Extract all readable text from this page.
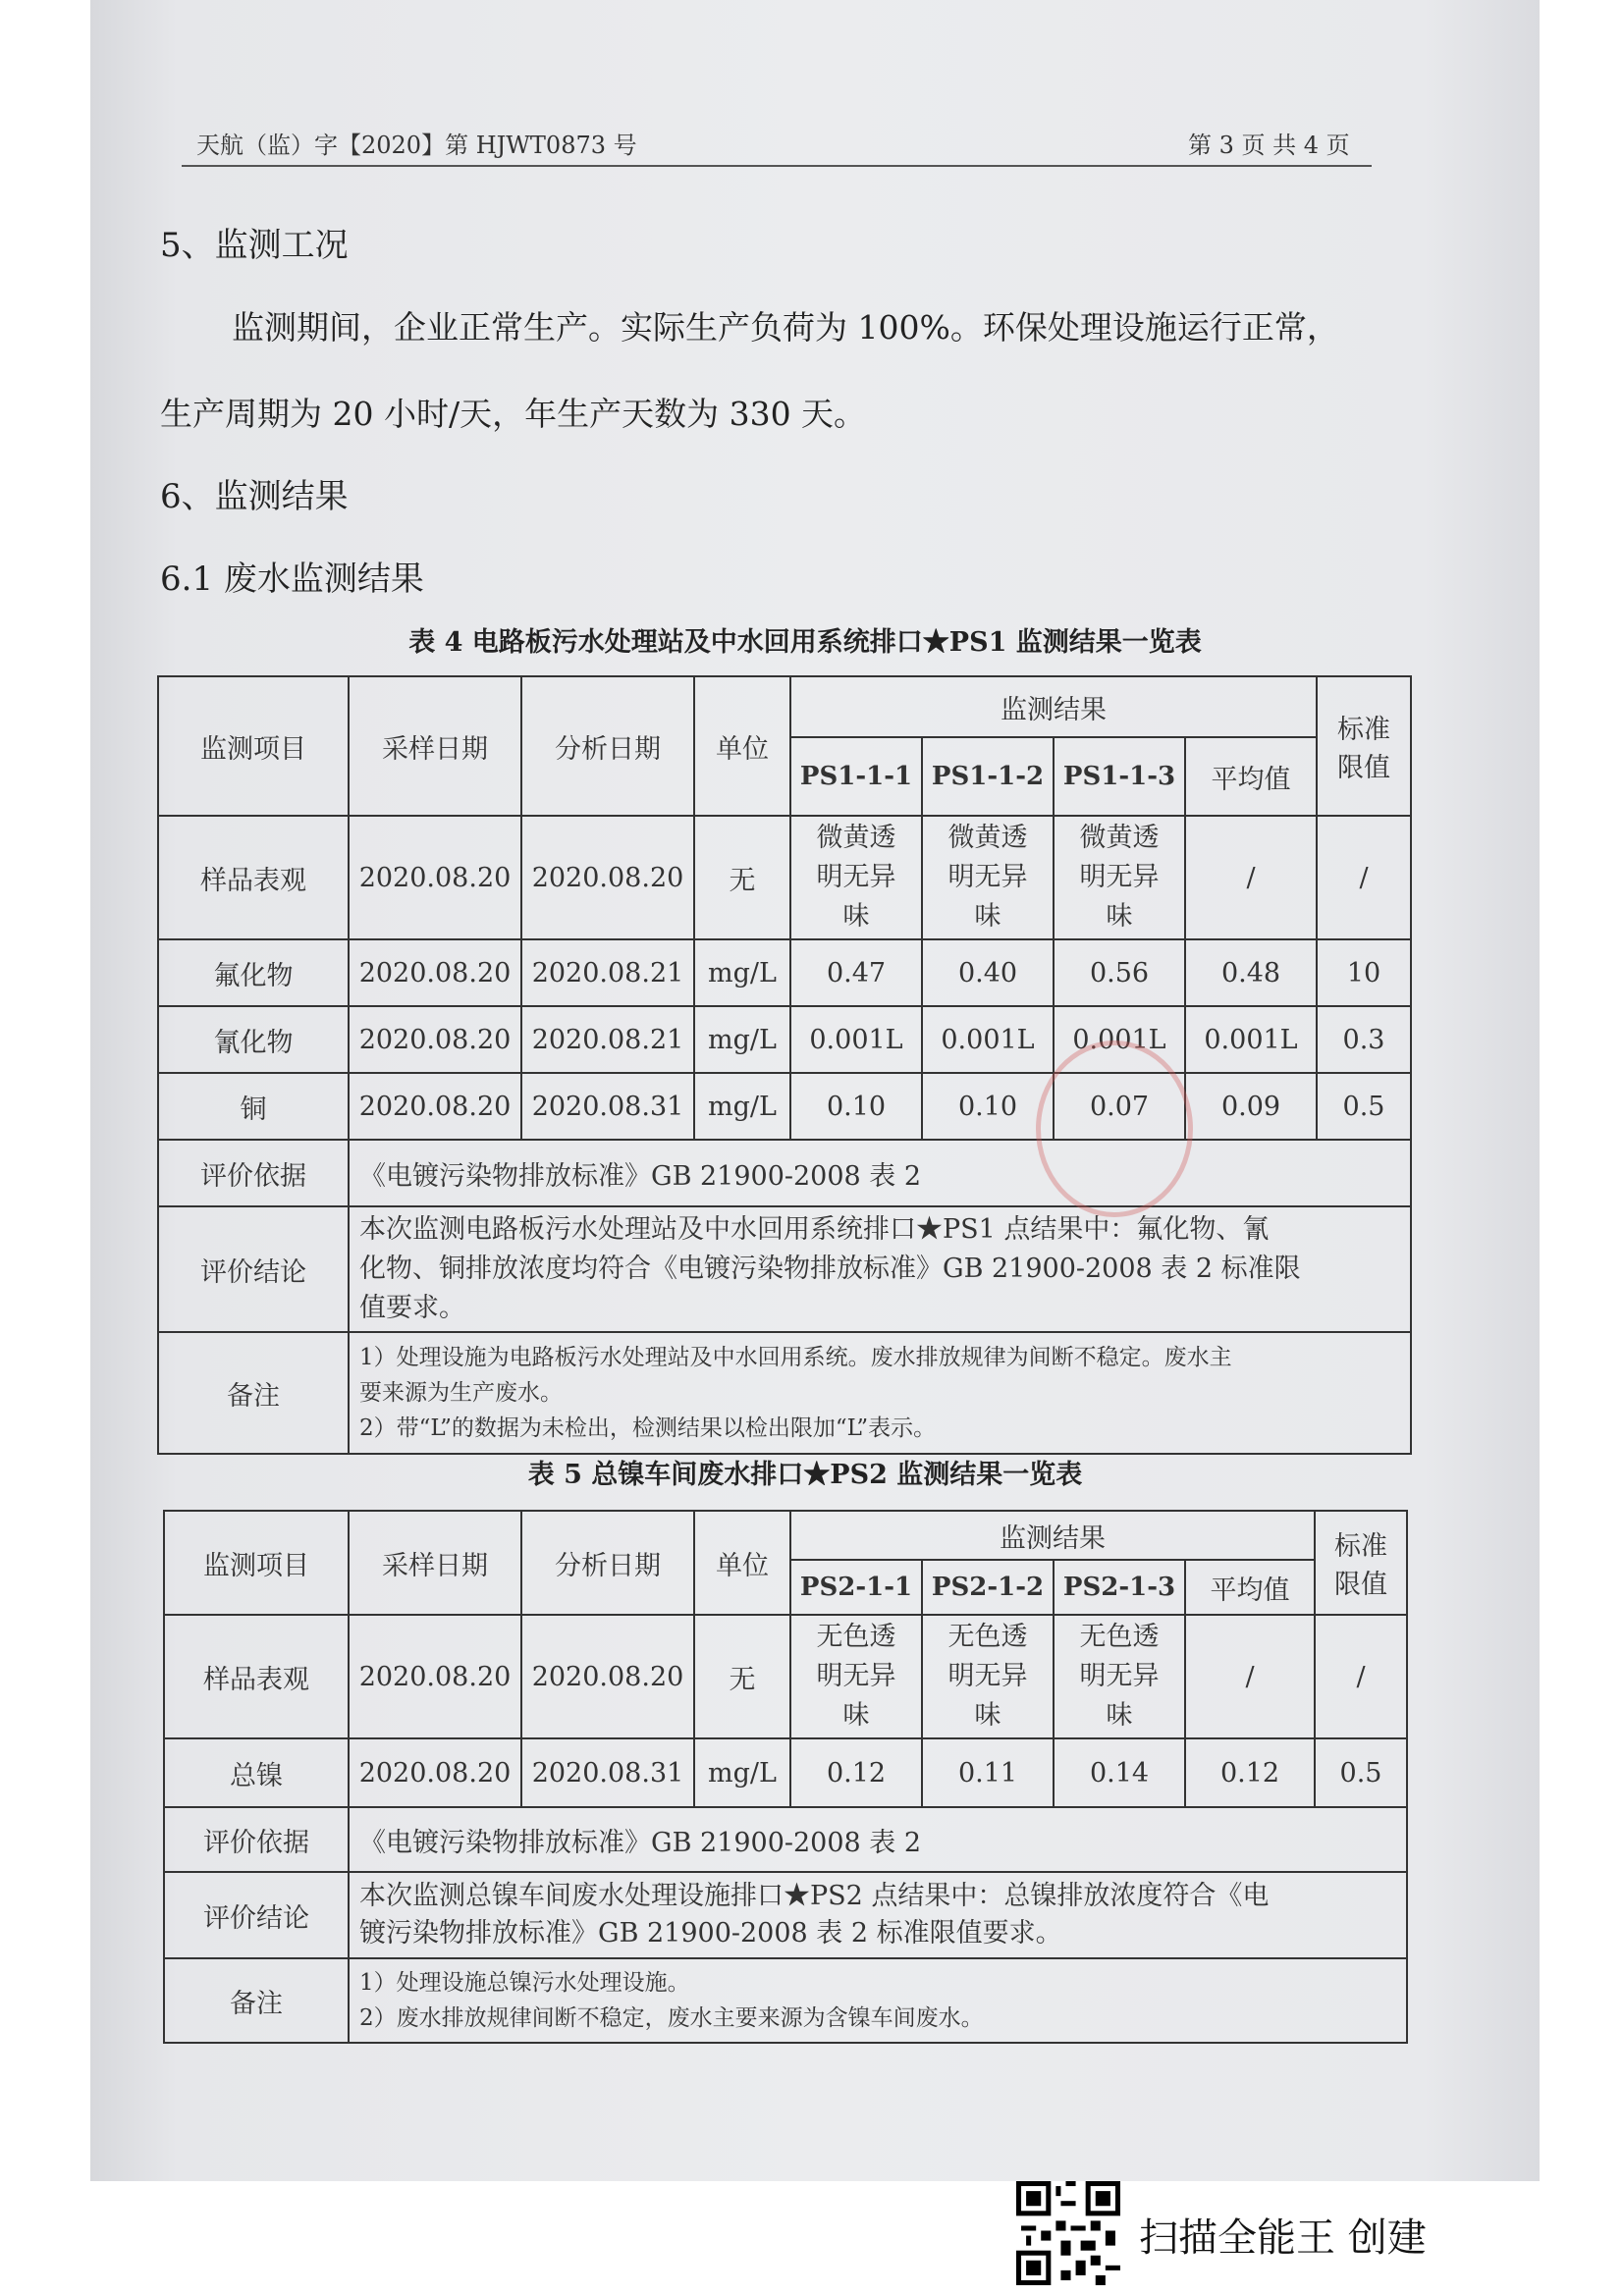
天航（监）字【2020】第 HJWT0873 号	第 3 页 共 4 页
5、监测工况
监测期间，企业正常生产。实际生产负荷为 100%。环保处理设施运行正常，
生产周期为 20 小时/天，年生产天数为 330 天。
6、监测结果
6.1 废水监测结果
表 4 电路板污水处理站及中水回用系统排口★PS1 监测结果一览表
监测项目	采样日期	分析日期	单位	监测结果				标准
限值
				PS1-1-1	PS1-1-2	PS1-1-3	平均值	
样品表观	2020.08.20	2020.08.20	无	微黄透
明无异
味	微黄透
明无异
味	微黄透
明无异
味	/	/
氟化物	2020.08.20	2020.08.21	mg/L	0.47	0.40	0.56	0.48	10
氰化物	2020.08.20	2020.08.21	mg/L	0.001L	0.001L	0.001L	0.001L	0.3
铜	2020.08.20	2020.08.31	mg/L	0.10	0.10	0.07	0.09	0.5
评价依据	《电镀污染物排放标准》GB 21900-2008 表 2							
评价结论	本次监测电路板污水处理站及中水回用系统排口★PS1 点结果中：氟化物、氰
化物、铜排放浓度均符合《电镀污染物排放标准》GB 21900-2008 表 2 标准限
值要求。							
备注	1）处理设施为电路板污水处理站及中水回用系统。废水排放规律为间断不稳定。废水主
要来源为生产废水。
2）带“L”的数据为未检出，检测结果以检出限加“L”表示。							
表 5 总镍车间废水排口★PS2 监测结果一览表
监测项目	采样日期	分析日期	单位	监测结果				标准
限值
				PS2-1-1	PS2-1-2	PS2-1-3	平均值	
样品表观	2020.08.20	2020.08.20	无	无色透
明无异
味	无色透
明无异
味	无色透
明无异
味	/	/
总镍	2020.08.20	2020.08.31	mg/L	0.12	0.11	0.14	0.12	0.5
评价依据	《电镀污染物排放标准》GB 21900-2008 表 2							
评价结论	本次监测总镍车间废水处理设施排口★PS2 点结果中：总镍排放浓度符合《电
镀污染物排放标准》GB 21900-2008 表 2 标准限值要求。							
备注	1）处理设施总镍污水处理设施。
2）废水排放规律间断不稳定，废水主要来源为含镍车间废水。							
扫描全能王 创建
